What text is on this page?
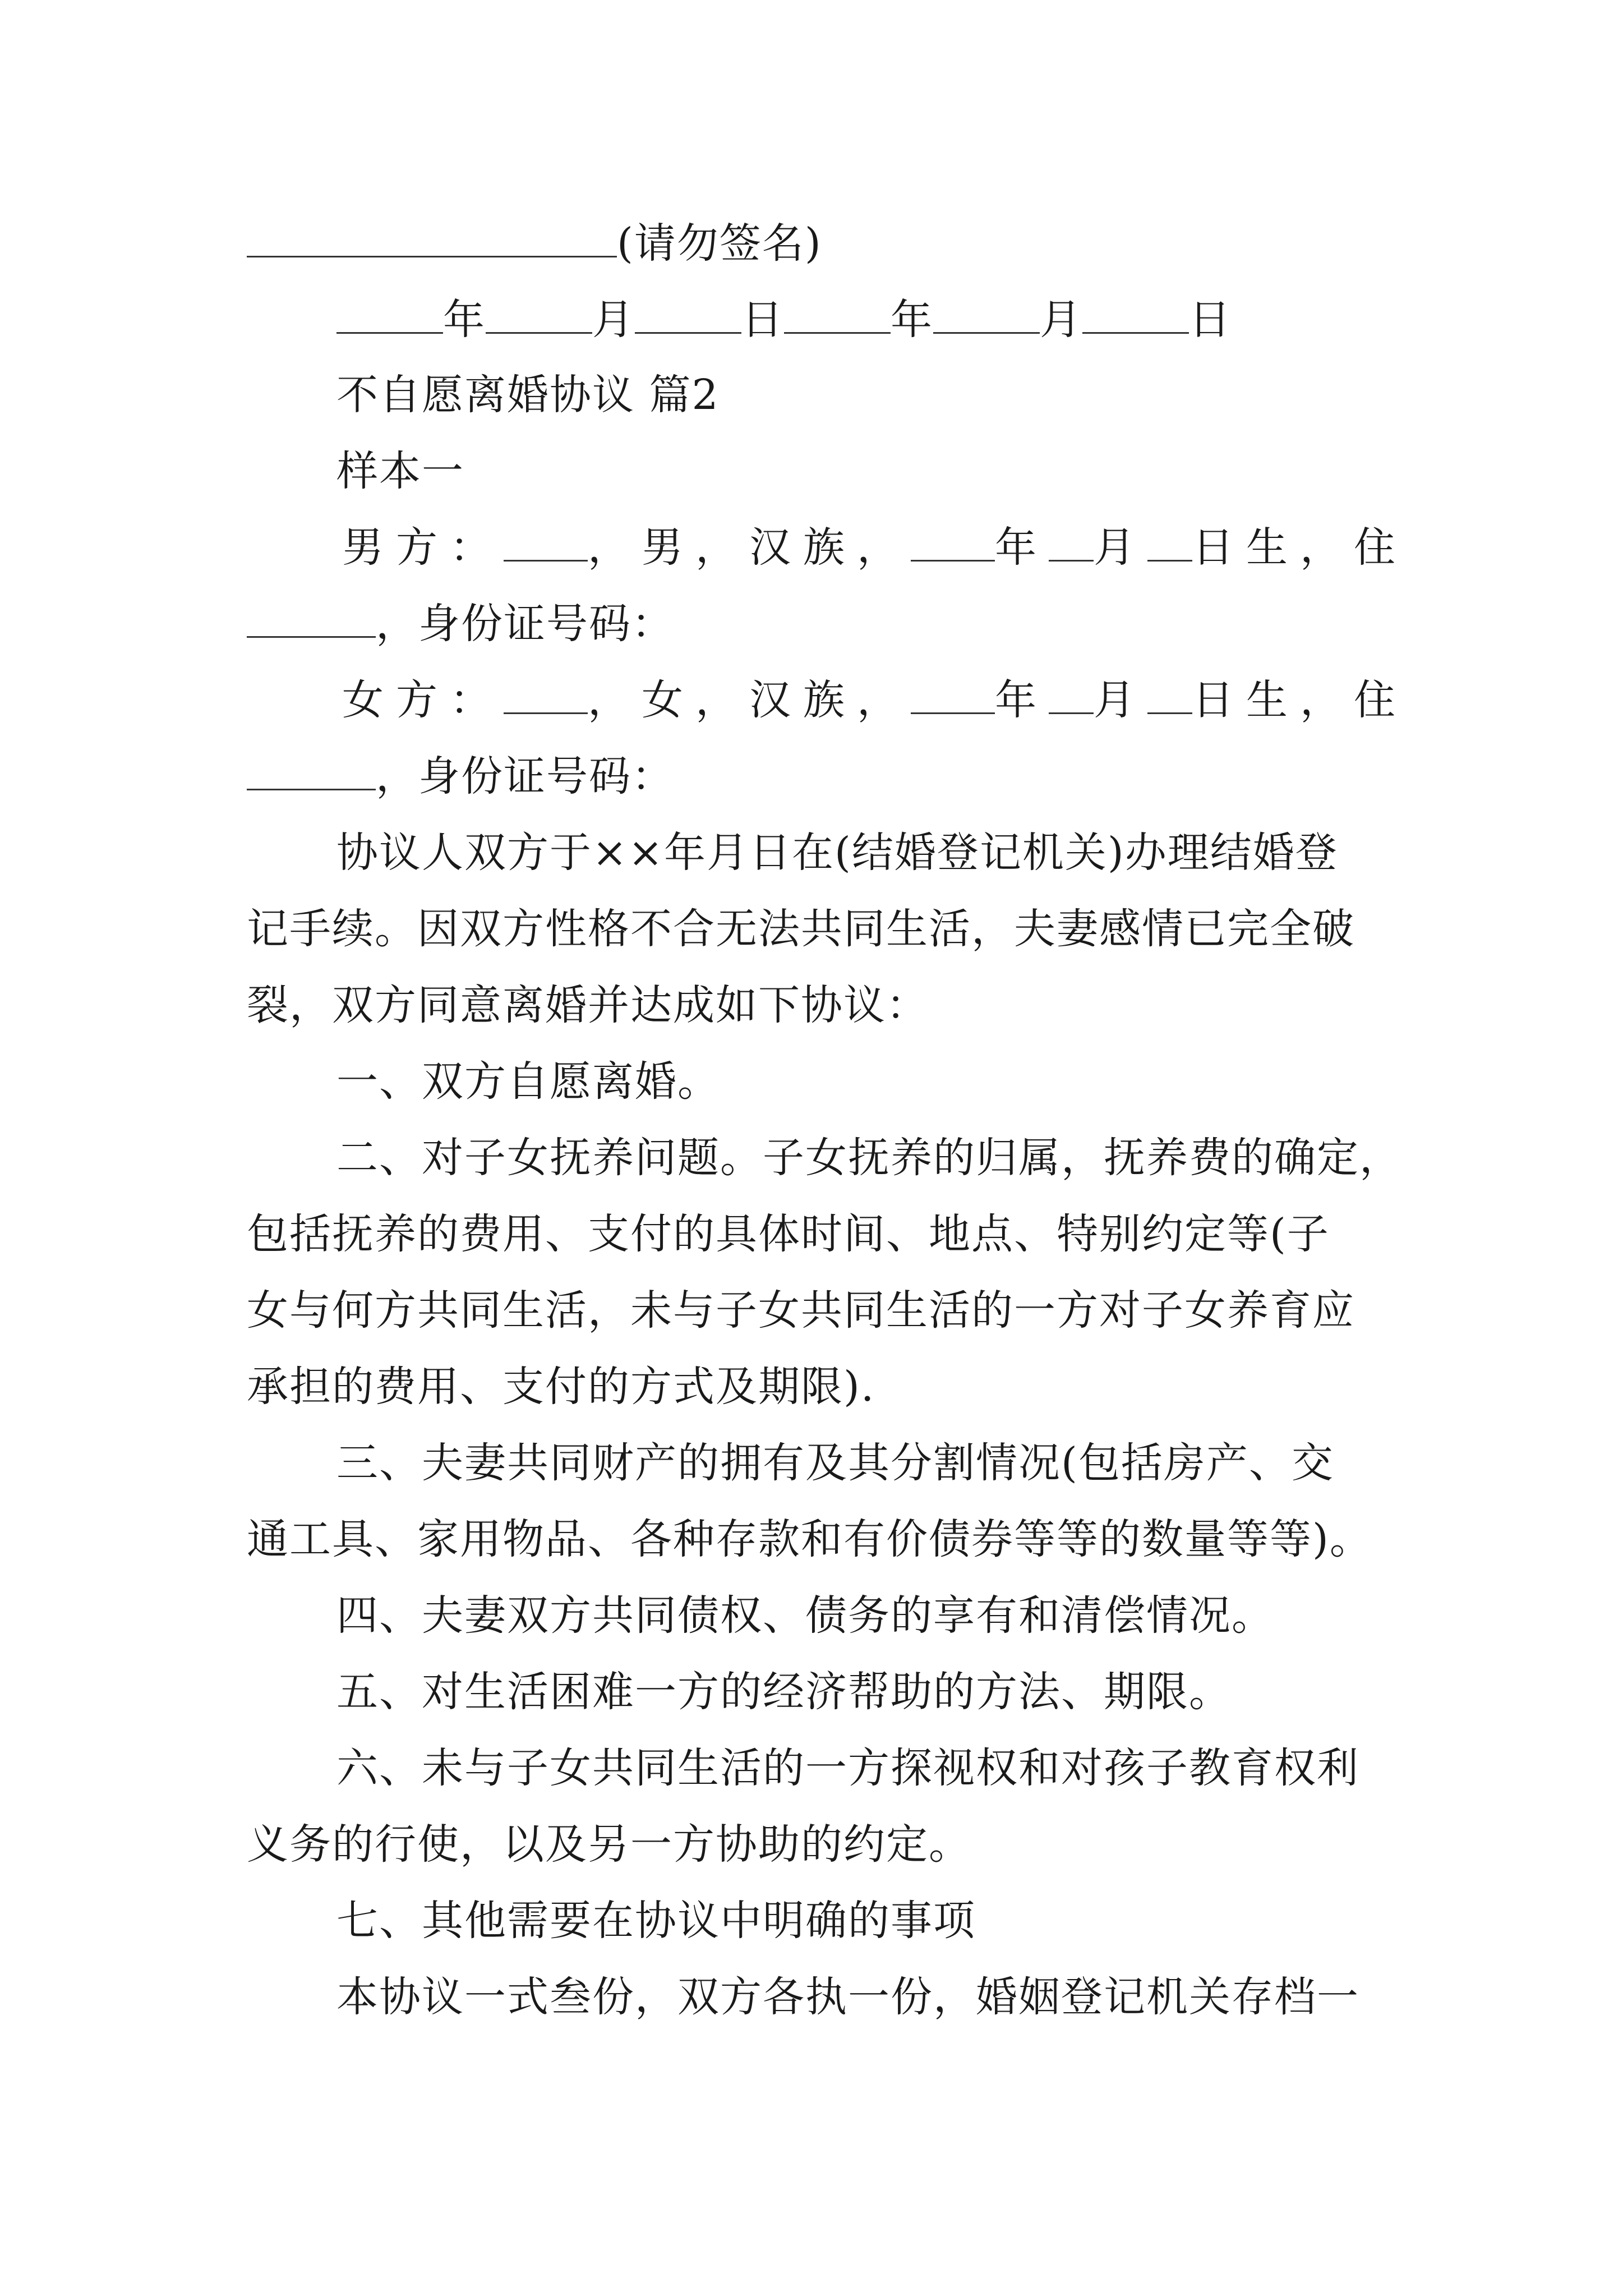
(请勿签名)
年	月	日	年	月	日
不自愿离婚协议 篇2
样本一
男方： ，男，汉族， 年 月 日生，住
，身份证号码：
女方： ，女，汉族， 年 月 日生，住
，身份证号码：
协议人双方于××年月日在(结婚登记机关)办理结婚登
记手续。因双方性格不合无法共同生活，夫妻感情已完全破
裂，双方同意离婚并达成如下协议：
一、双方自愿离婚。
二、对子女抚养问题。子女抚养的归属，抚养费的确定，
包括抚养的费用、支付的具体时间、地点、特别约定等(子
女与何方共同生活，未与子女共同生活的一方对子女养育应
承担的费用、支付的方式及期限).
三、夫妻共同财产的拥有及其分割情况(包括房产、交
通工具、家用物品、各种存款和有价债券等等的数量等等)。
四、夫妻双方共同债权、债务的享有和清偿情况。
五、对生活困难一方的经济帮助的方法、期限。
六、未与子女共同生活的一方探视权和对孩子教育权利
义务的行使，以及另一方协助的约定。
七、其他需要在协议中明确的事项
本协议一式叁份，双方各执一份，婚姻登记机关存档一
